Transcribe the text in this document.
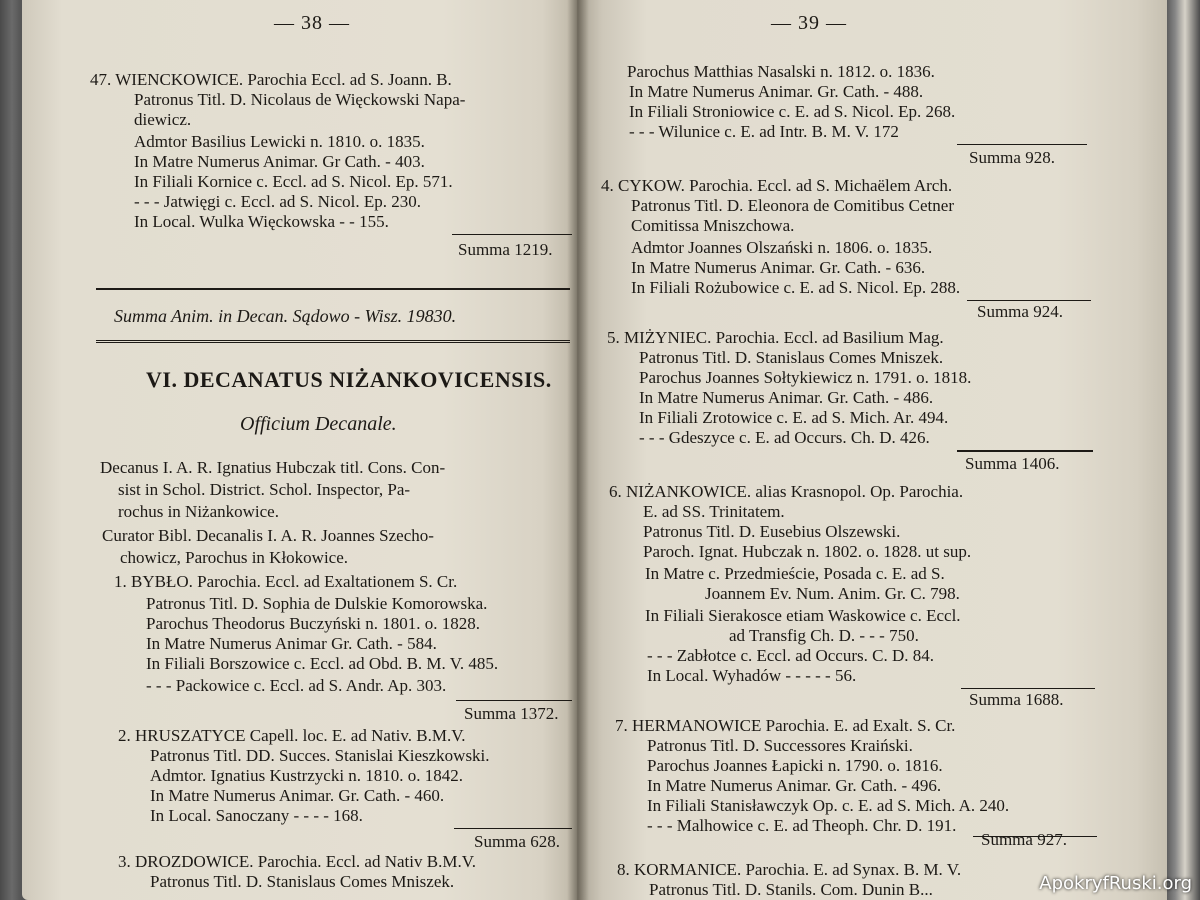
— 38 —
47. WIENCKOWICE. Parochia Eccl. ad S. Joann. B.
Patronus Titl. D. Nicolaus de Więckowski Napa-
diewicz.
Admtor Basilius Lewicki n. 1810. o. 1835.
In Matre Numerus Animar. Gr Cath. - 403.
In Filiali Kornice c. Eccl. ad S. Nicol. Ep. 571.
- - - Jatwięgi c. Eccl. ad S. Nicol. Ep. 230.
In Local. Wulka Więckowska - - 155.
Summa 1219.
Summa Anim. in Decan. Sądowo - Wisz. 19830.
VI. DECANATUS NIŻANKOVICENSIS.
Officium Decanale.
Decanus I. A. R. Ignatius Hubczak titl. Cons. Con-
sist in Schol. District. Schol. Inspector, Pa-
rochus in Niżankowice.
Curator Bibl. Decanalis I. A. R. Joannes Szecho-
chowicz, Parochus in Kłokowice.
1. BYBŁO. Parochia. Eccl. ad Exaltationem S. Cr.
Patronus Titl. D. Sophia de Dulskie Komorowska.
Parochus Theodorus Buczyński n. 1801. o. 1828.
In Matre Numerus Animar Gr. Cath. - 584.
In Filiali Borszowice c. Eccl. ad Obd. B. M. V. 485.
- - - Packowice c. Eccl. ad S. Andr. Ap. 303.
Summa 1372.
2. HRUSZATYCE Capell. loc. E. ad Nativ. B.M.V.
Patronus Titl. DD. Succes. Stanislai Kieszkowski.
Admtor. Ignatius Kustrzycki n. 1810. o. 1842.
In Matre Numerus Animar. Gr. Cath. - 460.
In Local. Sanoczany - - - - 168.
Summa 628.
3. DROZDOWICE. Parochia. Eccl. ad Nativ B.M.V.
Patronus Titl. D. Stanislaus Comes Mniszek.
— 39 —
Parochus Matthias Nasalski n. 1812. o. 1836.
In Matre Numerus Animar. Gr. Cath. - 488.
In Filiali Stroniowice c. E. ad S. Nicol. Ep. 268.
- - - Wilunice c. E. ad Intr. B. M. V. 172
Summa 928.
4. CYKOW. Parochia. Eccl. ad S. Michaëlem Arch.
Patronus Titl. D. Eleonora de Comitibus Cetner
Comitissa Mniszchowa.
Admtor Joannes Olszański n. 1806. o. 1835.
In Matre Numerus Animar. Gr. Cath. - 636.
In Filiali Rożubowice c. E. ad S. Nicol. Ep. 288.
Summa 924.
5. MIŻYNIEC. Parochia. Eccl. ad Basilium Mag.
Patronus Titl. D. Stanislaus Comes Mniszek.
Parochus Joannes Sołtykiewicz n. 1791. o. 1818.
In Matre Numerus Animar. Gr. Cath. - 486.
In Filiali Zrotowice c. E. ad S. Mich. Ar. 494.
- - - Gdeszyce c. E. ad Occurs. Ch. D. 426.
Summa 1406.
6. NIŻANKOWICE. alias Krasnopol. Op. Parochia.
E. ad SS. Trinitatem.
Patronus Titl. D. Eusebius Olszewski.
Paroch. Ignat. Hubczak n. 1802. o. 1828. ut sup.
In Matre c. Przedmieście, Posada c. E. ad S.
Joannem Ev. Num. Anim. Gr. C. 798.
In Filiali Sierakosce etiam Waskowice c. Eccl.
ad Transfig Ch. D. - - - 750.
- - - Zabłotce c. Eccl. ad Occurs. C. D. 84.
In Local. Wyhadów - - - - - 56.
Summa 1688.
7. HERMANOWICE Parochia. E. ad Exalt. S. Cr.
Patronus Titl. D. Successores Kraiński.
Parochus Joannes Łapicki n. 1790. o. 1816.
In Matre Numerus Animar. Gr. Cath. - 496.
In Filiali Stanisławczyk Op. c. E. ad S. Mich. A. 240.
- - - Malhowice c. E. ad Theoph. Chr. D. 191.
Summa 927.
8. KORMANICE. Parochia. E. ad Synax. B. M. V.
Patronus Titl. D. Stanils. Com. Dunin B...	ApokryfRuski.org
